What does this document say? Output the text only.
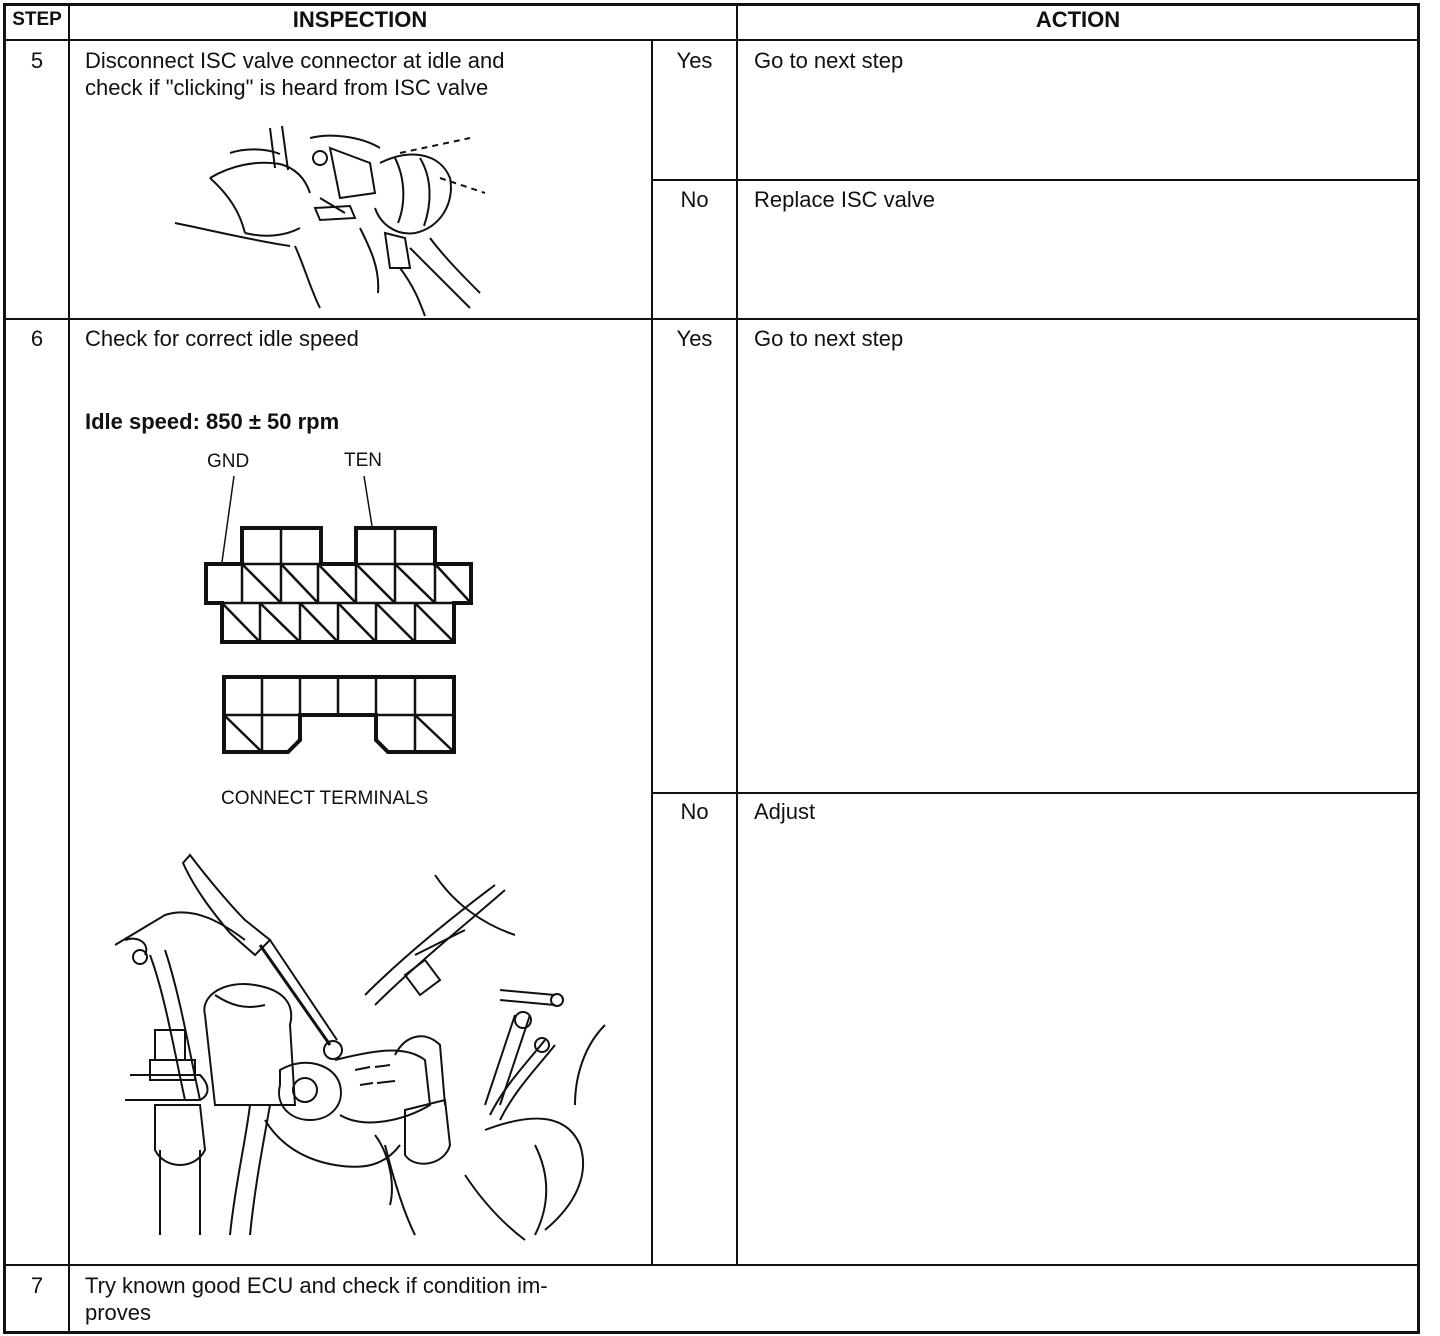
STEP	INSPECTION	ACTION
5	Disconnect ISC valve connector at idle and
check if "clicking" is heard from ISC valve
Yes	Go to next step
No	Replace ISC valve
6	Check for correct idle speed
Idle speed: 850 ± 50 rpm
Yes	Go to next step
No	Adjust
GND	TEN
CONNECT TERMINALS
7	Try known good ECU and check if condition im-
proves
